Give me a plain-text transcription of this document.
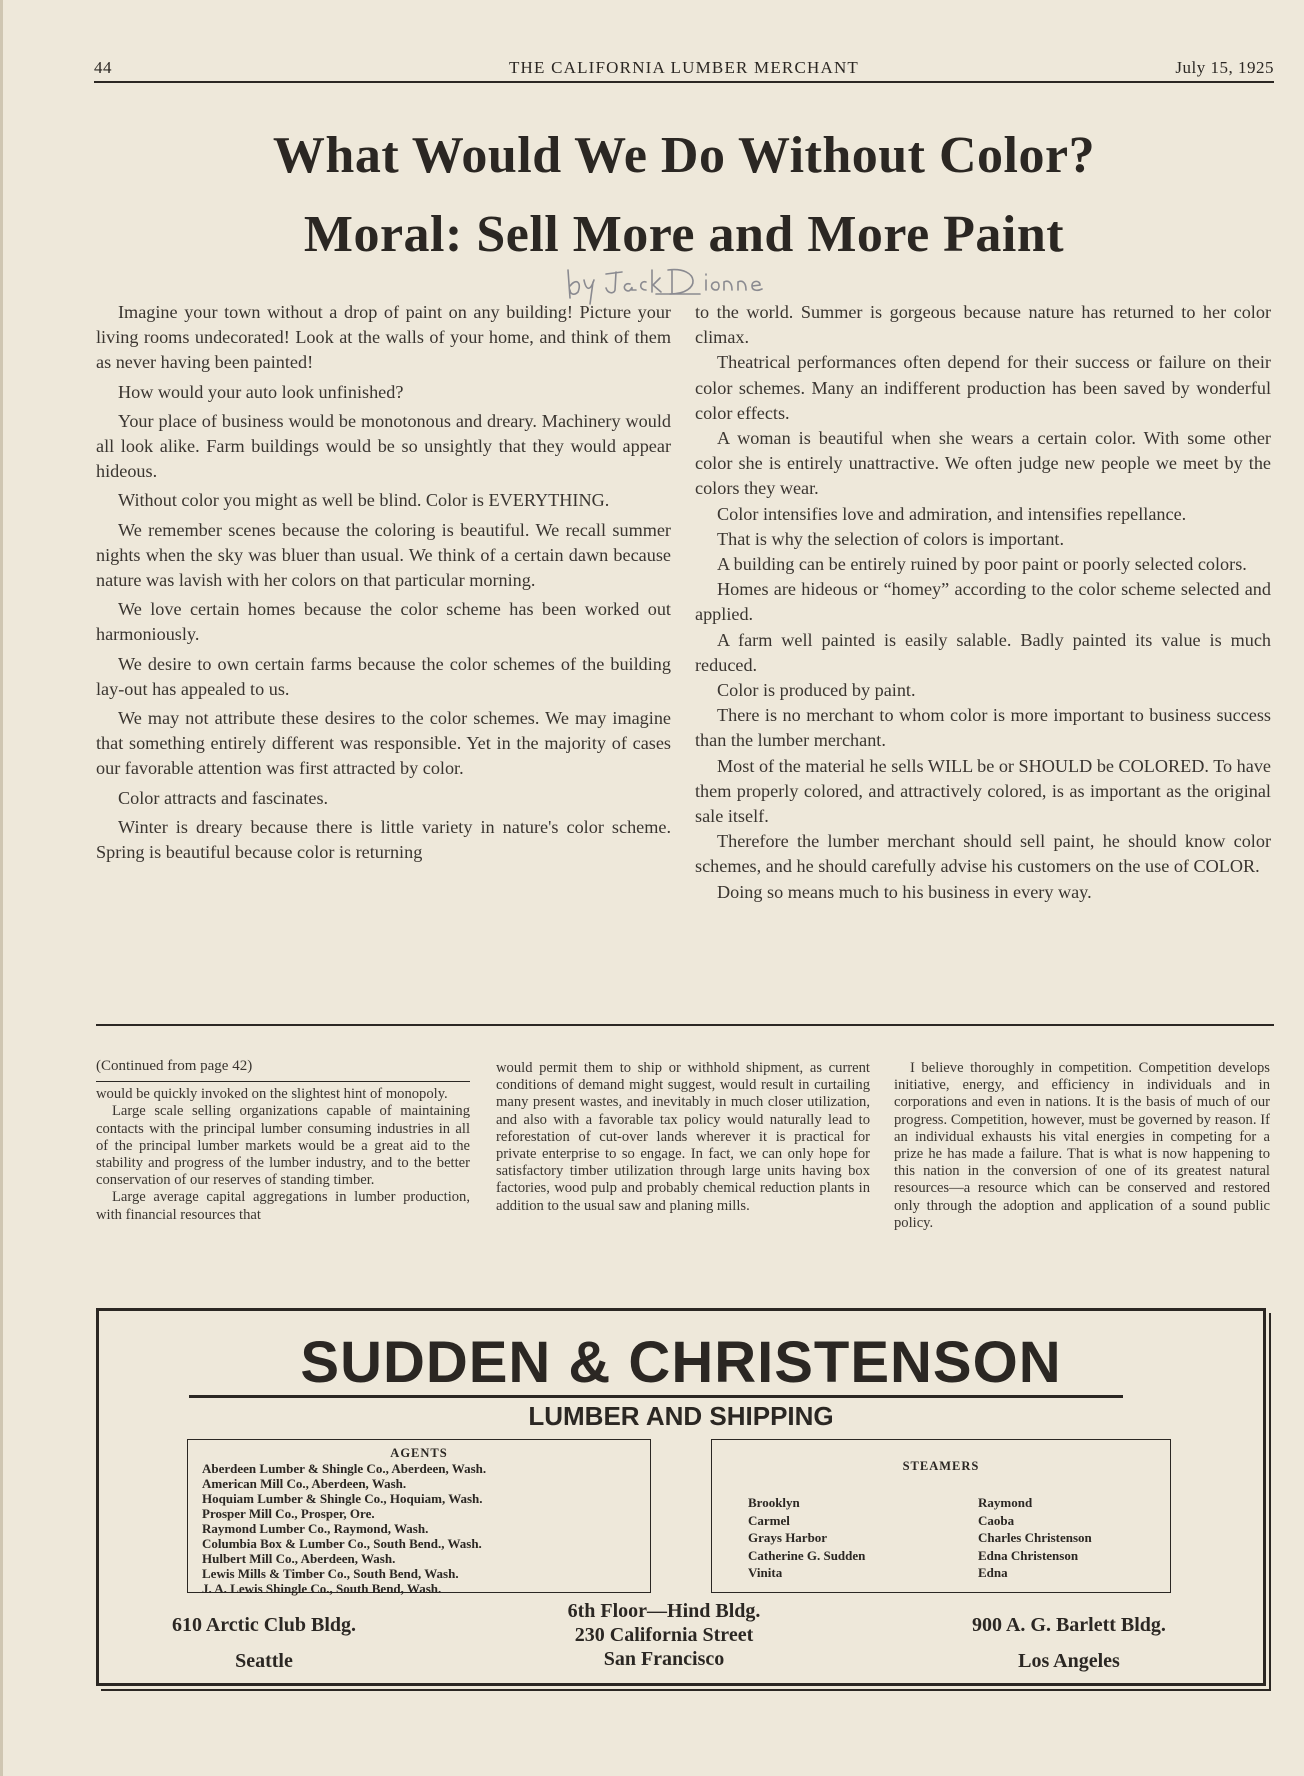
44	THE CALIFORNIA LUMBER MERCHANT	July 15, 1925
What Would We Do Without Color?
Moral: Sell More and More Paint

Imagine your town without a drop of paint on any building! Picture your living rooms undecorated! Look at the walls of your home, and think of them as never having been painted!

How would your auto look unfinished?

Your place of business would be monotonous and dreary. Machinery would all look alike. Farm buildings would be so unsightly that they would appear hideous.

Without color you might as well be blind. Color is EVERYTHING.

We remember scenes because the coloring is beautiful. We recall summer nights when the sky was bluer than usual. We think of a certain dawn because nature was lavish with her colors on that particular morning.

We love certain homes because the color scheme has been worked out harmoniously.

We desire to own certain farms because the color schemes of the building lay-out has appealed to us.

We may not attribute these desires to the color schemes. We may imagine that something entirely different was responsible. Yet in the majority of cases our favorable attention was first attracted by color.

Color attracts and fascinates.

Winter is dreary because there is little variety in nature's color scheme. Spring is beautiful because color is returning

to the world. Summer is gorgeous because nature has returned to her color climax.

Theatrical performances often depend for their success or failure on their color schemes. Many an indifferent production has been saved by wonderful color effects.

A woman is beautiful when she wears a certain color. With some other color she is entirely unattractive. We often judge new people we meet by the colors they wear.

Color intensifies love and admiration, and intensifies repellance.

That is why the selection of colors is important.

A building can be entirely ruined by poor paint or poorly selected colors.

Homes are hideous or “homey” according to the color scheme selected and applied.

A farm well painted is easily salable. Badly painted its value is much reduced.

Color is produced by paint.

There is no merchant to whom color is more important to business success than the lumber merchant.

Most of the material he sells WILL be or SHOULD be COLORED. To have them properly colored, and attractively colored, is as important as the original sale itself.

Therefore the lumber merchant should sell paint, he should know color schemes, and he should carefully advise his customers on the use of COLOR.

Doing so means much to his business in every way.

(Continued from page 42)

would be quickly invoked on the slightest hint of monopoly.

Large scale selling organizations capable of maintaining contacts with the principal lumber consuming industries in all of the principal lumber markets would be a great aid to the stability and progress of the lumber industry, and to the better conservation of our reserves of standing timber.

Large average capital aggregations in lumber production, with financial resources that

would permit them to ship or withhold shipment, as current conditions of demand might suggest, would result in curtailing many present wastes, and inevitably in much closer utilization, and also with a favorable tax policy would naturally lead to reforestation of cut-over lands wherever it is practical for private enterprise to so engage. In fact, we can only hope for satisfactory timber utilization through large units having box factories, wood pulp and probably chemical reduction plants in addition to the usual saw and planing mills.

I believe thoroughly in competition. Competition develops initiative, energy, and efficiency in individuals and in corporations and even in nations. It is the basis of much of our progress. Competition, however, must be governed by reason. If an individual exhausts his vital energies in competing for a prize he has made a failure. That is what is now happening to this nation in the conversion of one of its greatest natural resources—a resource which can be conserved and restored only through the adoption and application of a sound public policy.

SUDDEN & CHRISTENSON
LUMBER AND SHIPPING
AGENTS
Aberdeen Lumber & Shingle Co., Aberdeen, Wash.
American Mill Co., Aberdeen, Wash.
Hoquiam Lumber & Shingle Co., Hoquiam, Wash.
Prosper Mill Co., Prosper, Ore.
Raymond Lumber Co., Raymond, Wash.
Columbia Box & Lumber Co., South Bend., Wash.
Hulbert Mill Co., Aberdeen, Wash.
Lewis Mills & Timber Co., South Bend, Wash.
J. A. Lewis Shingle Co., South Bend, Wash.
STEAMERS
Brooklyn
Carmel
Grays Harbor
Catherine G. Sudden
Vinita
Raymond
Caoba
Charles Christenson
Edna Christenson
Edna
610 Arctic Club Bldg.
Seattle
6th Floor—Hind Bldg.
230 California Street
San Francisco
900 A. G. Barlett Bldg.
Los Angeles
